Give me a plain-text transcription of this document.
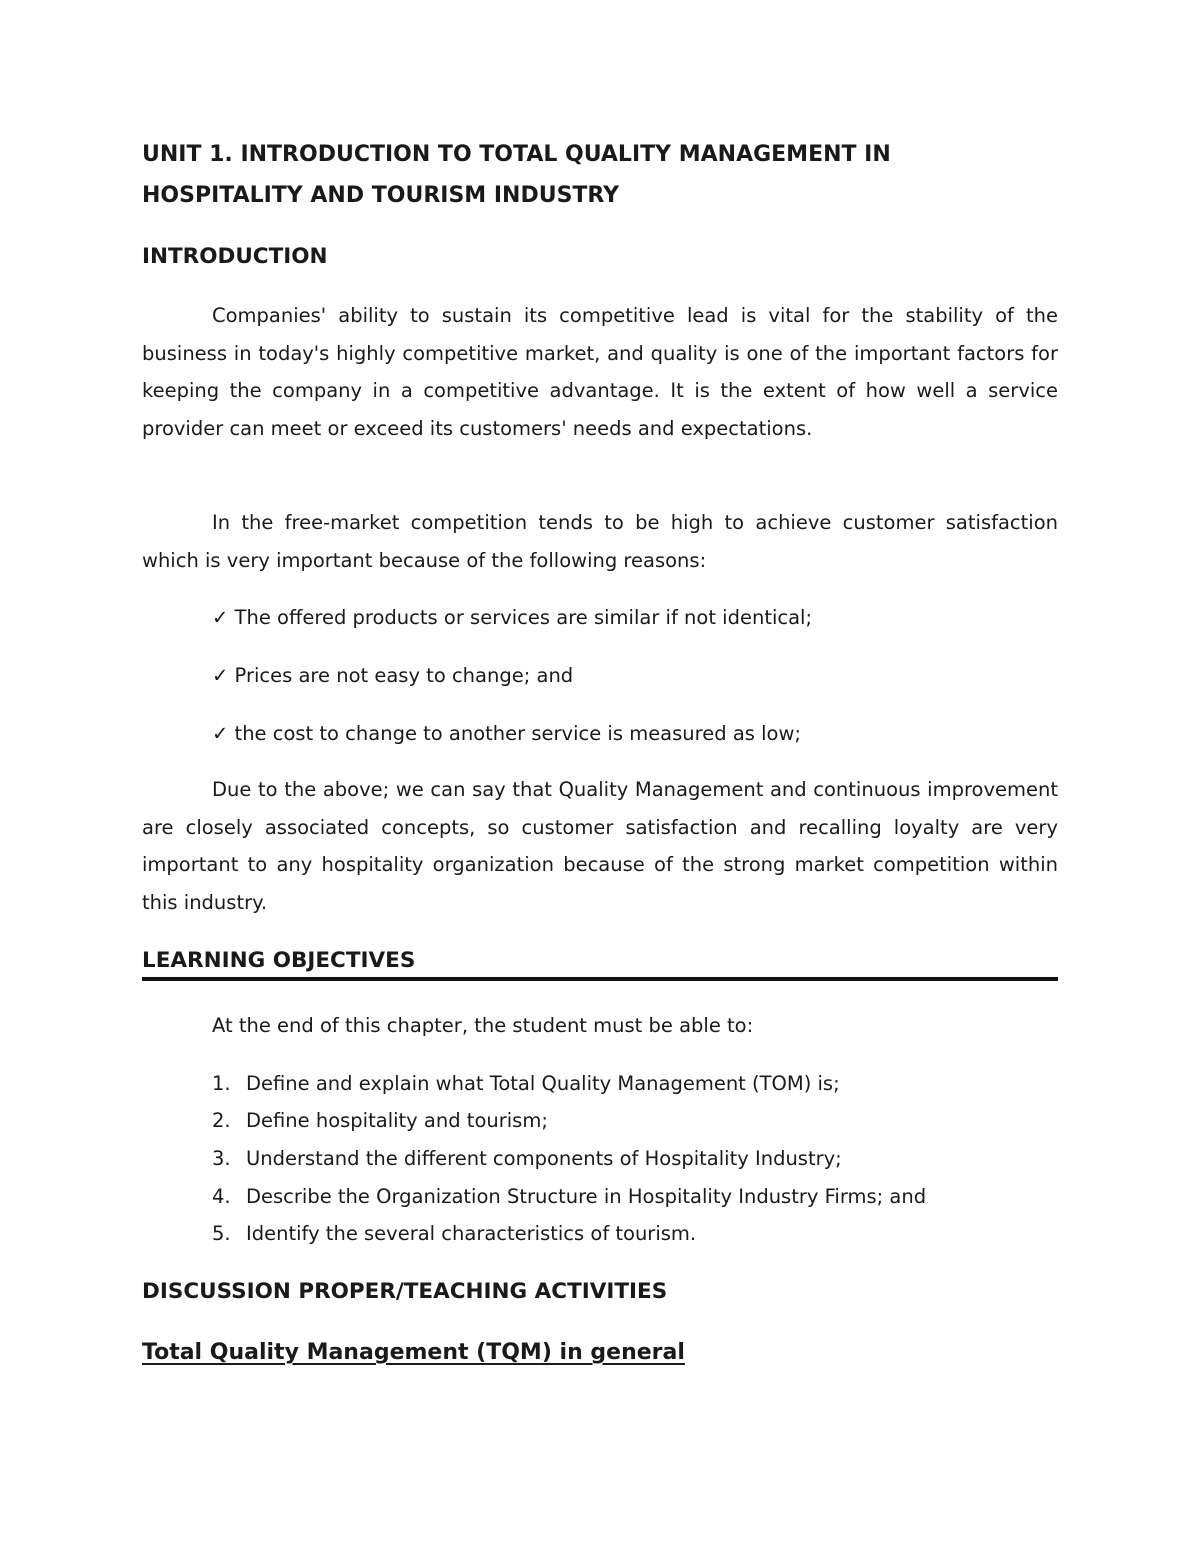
UNIT 1. INTRODUCTION TO TOTAL QUALITY MANAGEMENT IN
HOSPITALITY AND TOURISM INDUSTRY
INTRODUCTION
Companies' ability to sustain its competitive lead is vital for the stability of the business in today's highly competitive market, and quality is one of the important factors for keeping the company in a competitive advantage. It is the extent of how well a service provider can meet or exceed its customers' needs and expectations.
In the free-market competition tends to be high to achieve customer satisfaction which is very important because of the following reasons:
✓ The offered products or services are similar if not identical;
✓ Prices are not easy to change; and
✓ the cost to change to another service is measured as low;
Due to the above; we can say that Quality Management and continuous improvement are closely associated concepts, so customer satisfaction and recalling loyalty are very important to any hospitality organization because of the strong market competition within this industry.
LEARNING OBJECTIVES
At the end of this chapter, the student must be able to:
1. Define and explain what Total Quality Management (TOM) is;
2. Define hospitality and tourism;
3. Understand the different components of Hospitality Industry;
4. Describe the Organization Structure in Hospitality Industry Firms; and
5. Identify the several characteristics of tourism.
DISCUSSION PROPER/TEACHING ACTIVITIES
Total Quality Management (TQM) in general
